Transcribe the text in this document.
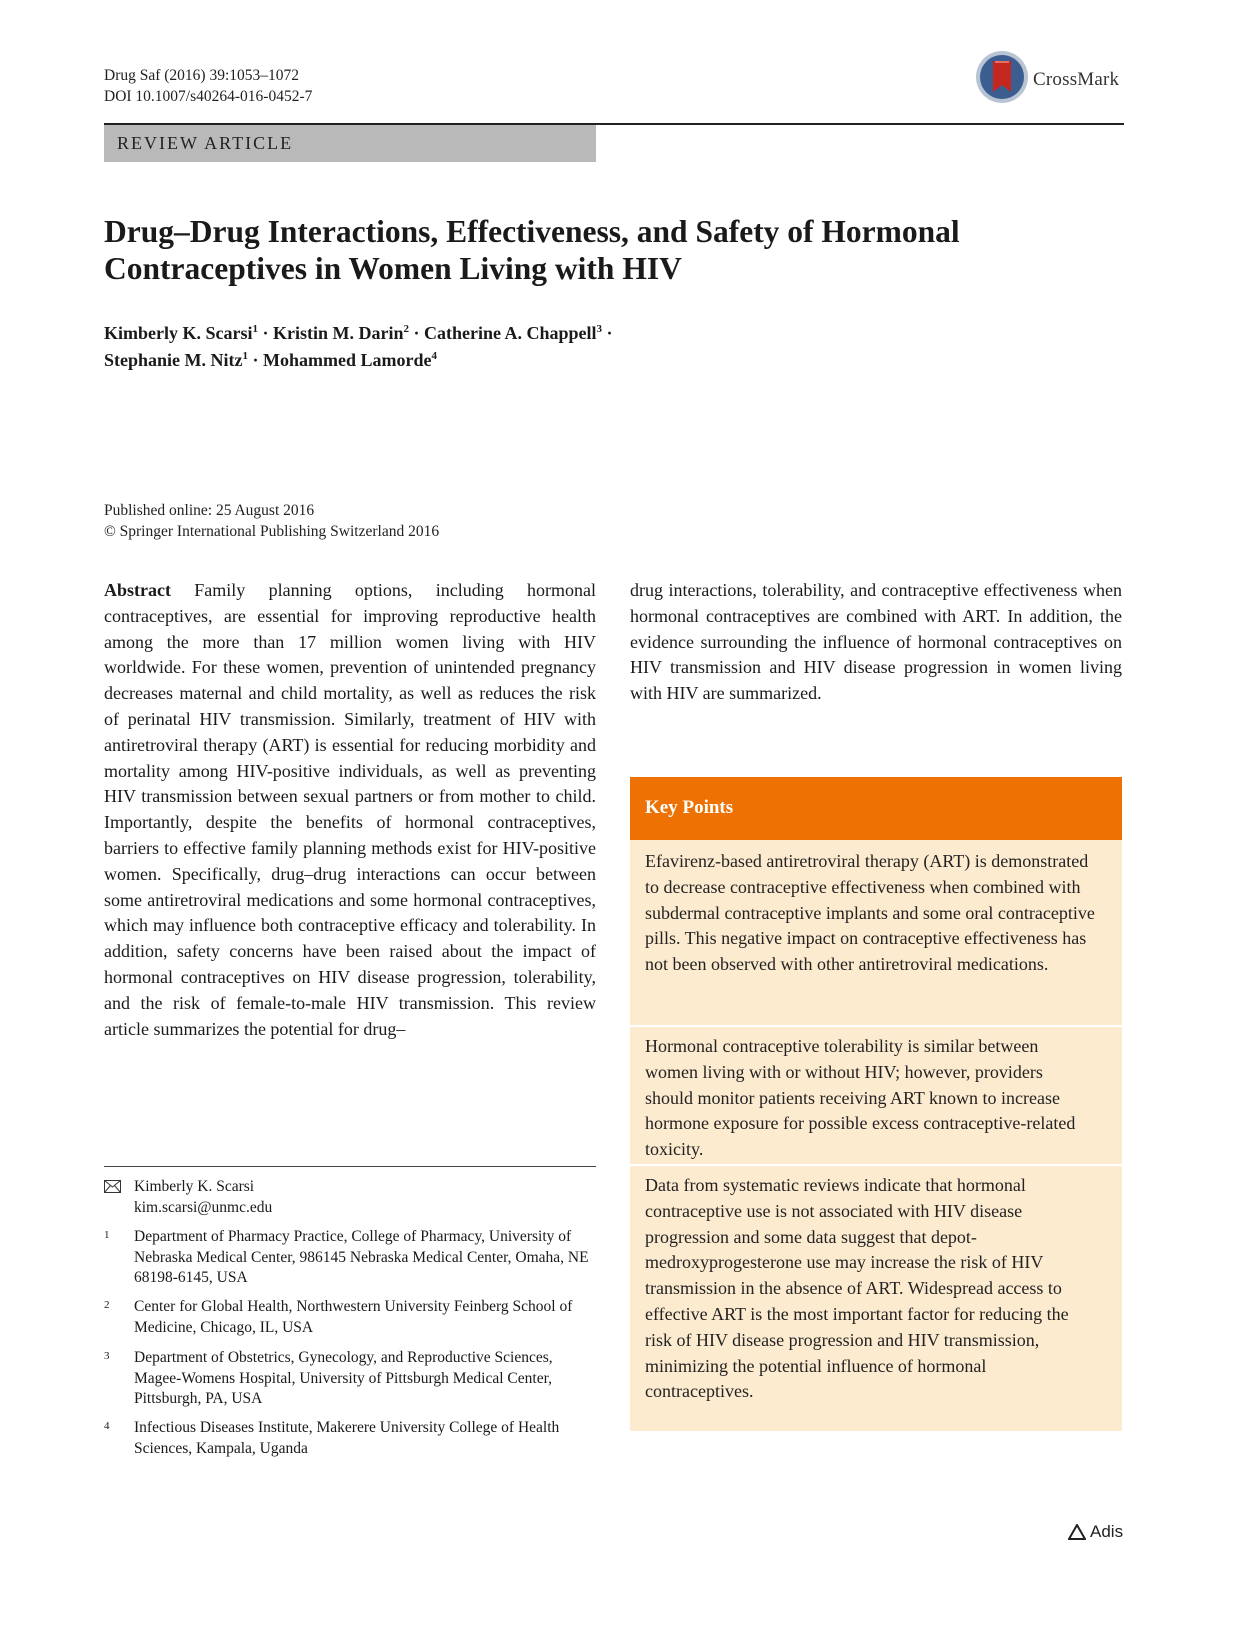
Drug Saf (2016) 39:1053–1072
DOI 10.1007/s40264-016-0452-7
CrossMark
REVIEW ARTICLE
Drug–Drug Interactions, Effectiveness, and Safety of Hormonal
Contraceptives in Women Living with HIV
Kimberly K. Scarsi$^1$ · Kristin M. Darin$^2$ · Catherine A. Chappell$^3$ ·
Stephanie M. Nitz$^1$ · Mohammed Lamorde$^4$
Published online: 25 August 2016
© Springer International Publishing Switzerland 2016
Abstract Family planning options, including hormonal contraceptives, are essential for improving reproductive health among the more than 17 million women living with HIV worldwide. For these women, prevention of unintended pregnancy decreases maternal and child mortality, as well as reduces the risk of perinatal HIV transmission. Similarly, treatment of HIV with antiretroviral therapy (ART) is essential for reducing morbidity and mortality among HIV-positive individuals, as well as preventing HIV transmission between sexual partners or from mother to child. Importantly, despite the benefits of hormonal contraceptives, barriers to effective family planning methods exist for HIV-positive women. Specifically, drug–drug interactions can occur between some antiretroviral medications and some hormonal contraceptives, which may influence both contraceptive efficacy and tolerability. In addition, safety concerns have been raised about the impact of hormonal contraceptives on HIV disease progression, tolerability, and the risk of female-to-male HIV transmission. This review article summarizes the potential for drug–
drug interactions, tolerability, and contraceptive effectiveness when hormonal contraceptives are combined with ART. In addition, the evidence surrounding the influence of hormonal contraceptives on HIV transmission and HIV disease progression in women living with HIV are summarized.
Kimberly K. Scarsi
kim.scarsi@unmc.edu
1 Department of Pharmacy Practice, College of Pharmacy, University of Nebraska Medical Center, 986145 Nebraska Medical Center, Omaha, NE 68198-6145, USA
2 Center for Global Health, Northwestern University Feinberg School of Medicine, Chicago, IL, USA
3 Department of Obstetrics, Gynecology, and Reproductive Sciences, Magee-Womens Hospital, University of Pittsburgh Medical Center, Pittsburgh, PA, USA
4 Infectious Diseases Institute, Makerere University College of Health Sciences, Kampala, Uganda
Key Points
Efavirenz-based antiretroviral therapy (ART) is demonstrated to decrease contraceptive effectiveness when combined with subdermal contraceptive implants and some oral contraceptive pills. This negative impact on contraceptive effectiveness has not been observed with other antiretroviral medications.
Hormonal contraceptive tolerability is similar between women living with or without HIV; however, providers should monitor patients receiving ART known to increase hormone exposure for possible excess contraceptive-related toxicity.
Data from systematic reviews indicate that hormonal contraceptive use is not associated with HIV disease progression and some data suggest that depot-medroxyprogesterone use may increase the risk of HIV transmission in the absence of ART. Widespread access to effective ART is the most important factor for reducing the risk of HIV disease progression and HIV transmission, minimizing the potential influence of hormonal contraceptives.
Adis
